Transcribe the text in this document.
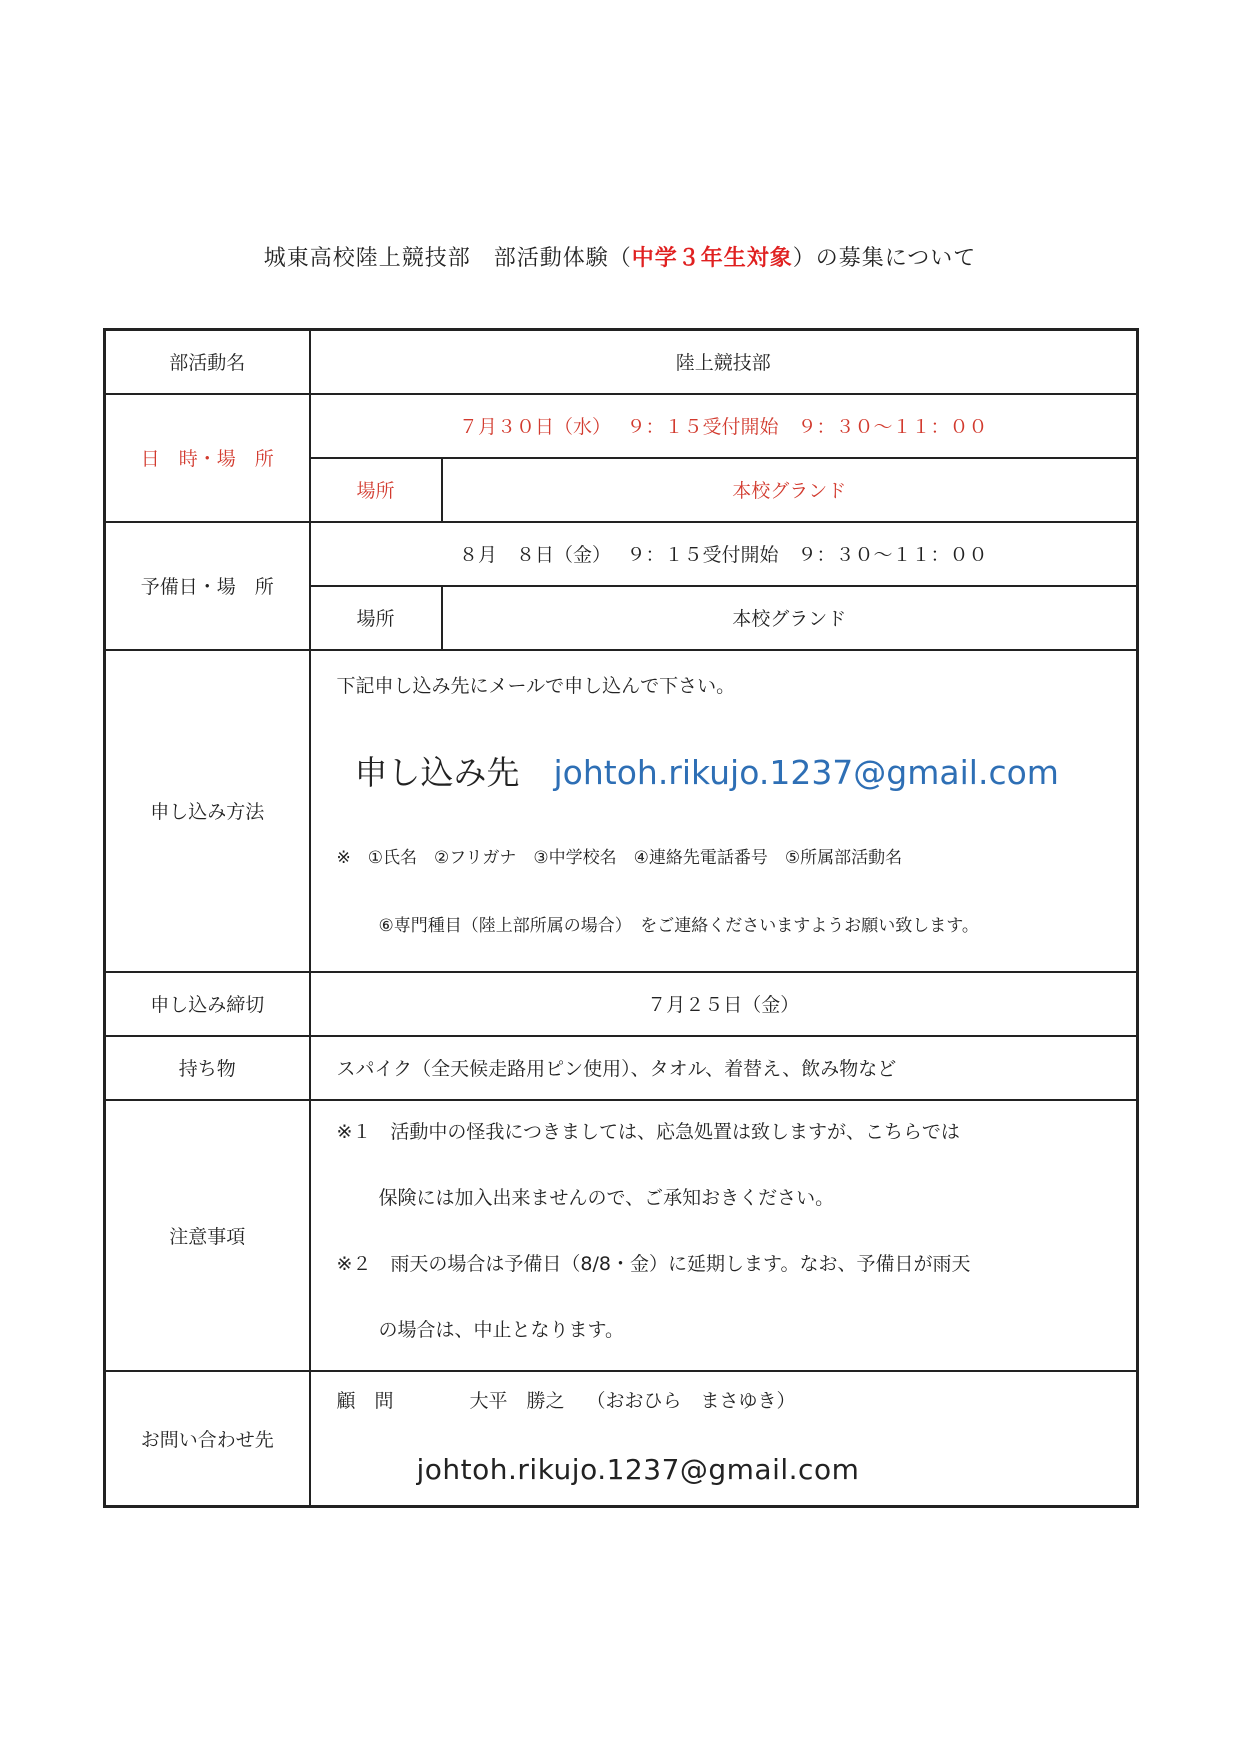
城東高校陸上競技部　部活動体験（中学３年生対象）の募集について
部活動名	陸上競技部	
日　時・場　所	７月３０日（水）　 ９：１５受付開始　９：３０～１１：００	
	場所	本校グランド
予備日・場　所	８月　８日（金）　 ９：１５受付開始　９：３０～１１：００	
	場所	本校グランド
申し込み方法	下記申し込み先にメールで申し込んで下さい。
申し込み先 johtoh.rikujo.1237@gmail.com
※　①氏名　②フリガナ　③中学校名　④連絡先電話番号　⑤所属部活動名
⑥専門種目（陸上部所属の場合）　をご連絡くださいますようお願い致します。	

申し込み締切	７月２５日（金）	
持ち物	スパイク（全天候走路用ピン使用）、タオル、着替え、飲み物など	
注意事項	※１　活動中の怪我につきましては、応急処置は致しますが、こちらでは
保険には加入出来ませんので、ご承知おきください。
※２　雨天の場合は予備日（8/8・金）に延期します。なお、予備日が雨天
の場合は、中止となります。	

お問い合わせ先	顧　問 大平　勝之 （おおひら　まさゆき）
johtoh.rikujo.1237@gmail.com	
